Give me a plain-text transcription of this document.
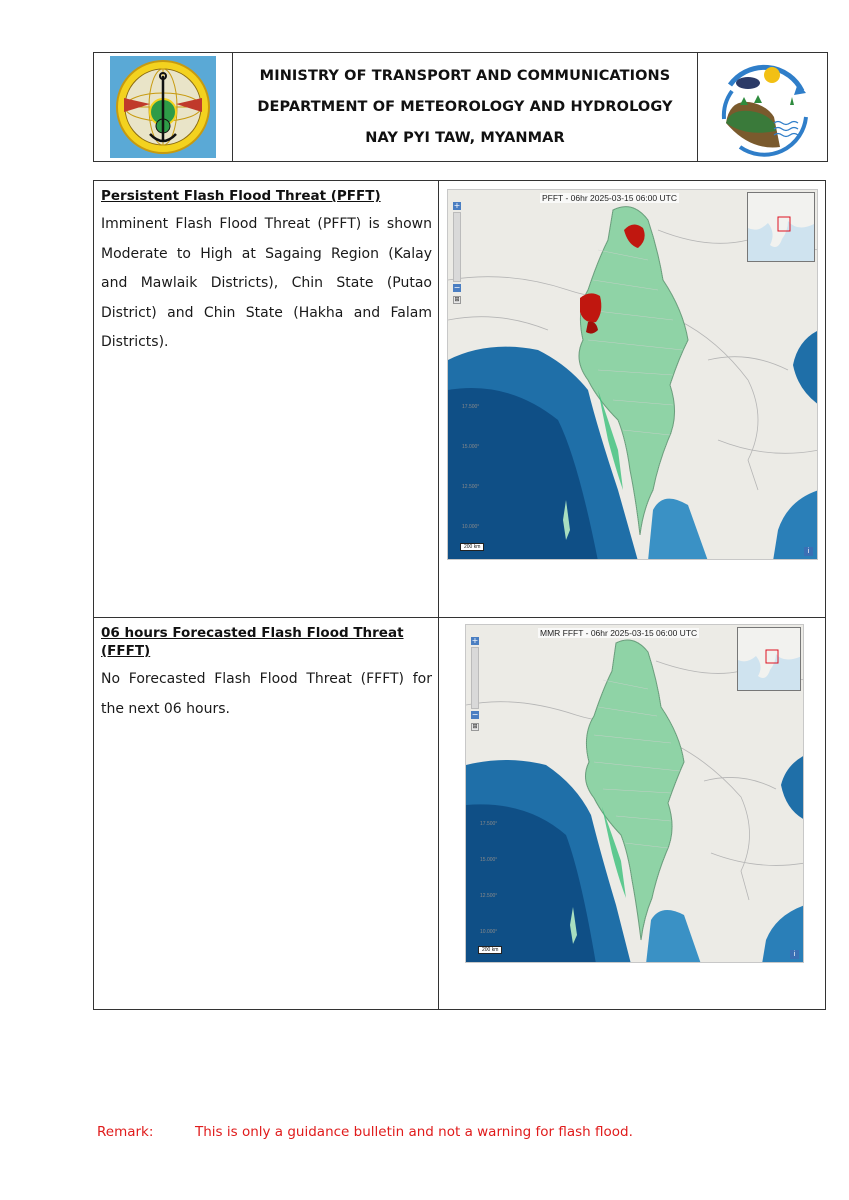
MINISTRY OF TRANSPORT AND COMMUNICATIONS
DEPARTMENT OF METEOROLOGY AND HYDROLOGY
NAY PYI TAW, MYANMAR
Persistent Flash Flood Threat (PFFT)
Imminent Flash Flood Threat (PFFT) is shown Moderate to High at Sagaing Region (Kalay and Mawlaik Districts), Chin State (Putao District) and Chin State (Hakha and Falam Districts).
PFFT - 06hr 2025-03-15 06:00 UTC
+
−
⊞
17.500°
15.000°
12.500°
10.000°
200 km
i
06 hours Forecasted Flash Flood Threat (FFFT)
No Forecasted Flash Flood Threat (FFFT) for the next 06 hours.
MMR FFFT - 06hr 2025-03-15 06:00 UTC
+
−
⊞
17.500°
15.000°
12.500°
10.000°
200 km
i
Remark:	This is only a guidance bulletin and not a warning for flash flood.
